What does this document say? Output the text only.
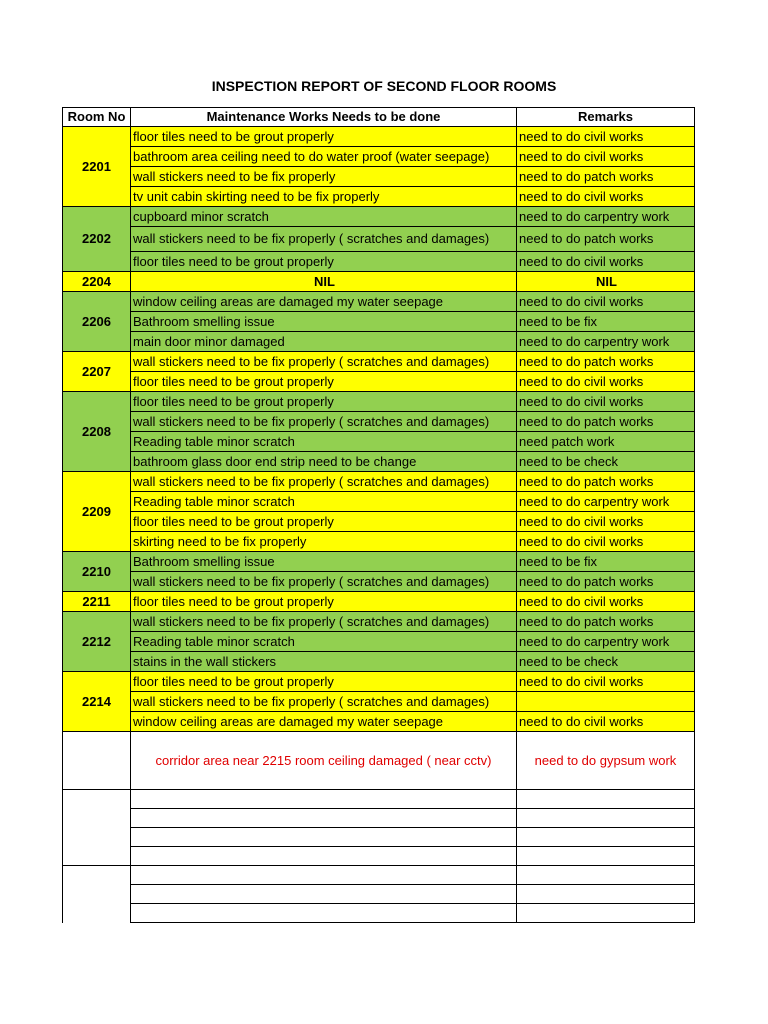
INSPECTION REPORT OF SECOND FLOOR ROOMS
Room No	Maintenance Works Needs to be done	Remarks
2201	floor tiles need to be grout properly	need to do civil works
	bathroom area ceiling need to do water proof (water seepage)	need to do civil works
	wall stickers need to be fix properly	need to do patch works
	tv unit cabin skirting need to be fix properly	need to do civil works
2202	cupboard minor scratch	need to do carpentry work
	wall stickers need to be fix properly ( scratches and damages)	need to do patch works
	floor tiles need to be grout properly	need to do civil works
2204	NIL	NIL
2206	window ceiling areas are damaged my water seepage	need to do civil works
	Bathroom smelling issue	need to be fix
	main door minor damaged	need to do carpentry work
2207	wall stickers need to be fix properly ( scratches and damages)	need to do patch works
	floor tiles need to be grout properly	need to do civil works
2208	floor tiles need to be grout properly	need to do civil works
	wall stickers need to be fix properly ( scratches and damages)	need to do patch works
	Reading table minor scratch	need patch work
	bathroom glass door end strip need to be change	need to be check
2209	wall stickers need to be fix properly ( scratches and damages)	need to do patch works
	Reading table minor scratch	need to do carpentry work
	floor tiles need to be grout properly	need to do civil works
	skirting need to be fix properly	need to do civil works
2210	Bathroom smelling issue	need to be fix
	wall stickers need to be fix properly ( scratches and damages)	need to do patch works
2211	floor tiles need to be grout properly	need to do civil works
2212	wall stickers need to be fix properly ( scratches and damages)	need to do patch works
	Reading table minor scratch	need to do carpentry work
	stains in the wall stickers	need to be check
2214	floor tiles need to be grout properly	need to do civil works
	wall stickers need to be fix properly ( scratches and damages)	
	window ceiling areas are damaged my water seepage	need to do civil works
	corridor area near 2215 room ceiling damaged ( near cctv)	need to do gypsum work
